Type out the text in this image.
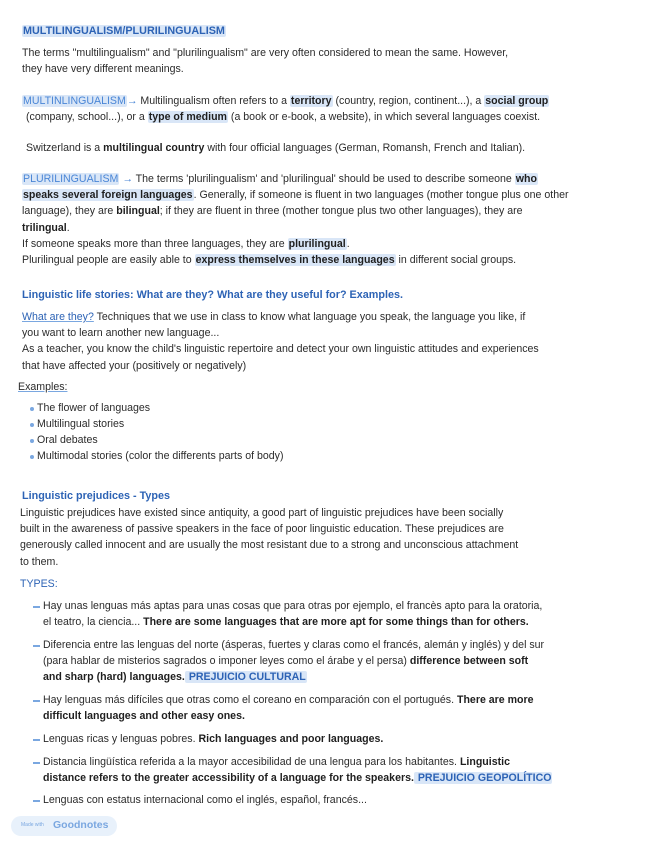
MULTILINGUALISM/PLURILINGUALISM
The terms "multilingualism" and "plurilingualism" are very often considered to mean the same. However,
they have very different meanings.
MULTINLINGUALISM→ Multilingualism often refers to a territory (country, region, continent...), a social group
(company, school...), or a type of medium (a book or e-book, a website), in which several languages coexist.
Switzerland is a multilingual country with four official languages (German, Romansh, French and Italian).
PLURILINGUALISM → The terms 'plurilingualism' and 'plurilingual' should be used to describe someone who
speaks several foreign languages. Generally, if someone is fluent in two languages (mother tongue plus one other
language), they are bilingual; if they are fluent in three (mother tongue plus two other languages), they are
trilingual.
If someone speaks more than three languages, they are plurilingual.
Plurilingual people are easily able to express themselves in these languages in different social groups.
Linguistic life stories: What are they? What are they useful for? Examples.
What are they? Techniques that we use in class to know what language you speak, the language you like, if
you want to learn another new language...
As a teacher, you know the child's linguistic repertoire and detect your own linguistic attitudes and experiences
that have affected your (positively or negatively)
Examples:
The flower of languages
Multilingual stories
Oral debates
Multimodal stories (color the differents parts of body)
Linguistic prejudices - Types
Linguistic prejudices have existed since antiquity, a good part of linguistic prejudices have been socially
built in the awareness of passive speakers in the face of poor linguistic education. These prejudices are
generously called innocent and are usually the most resistant due to a strong and unconscious attachment
to them.
TYPES:
Hay unas lenguas más aptas para unas cosas que para otras por ejemplo, el francès apto para la oratoria,
el teatro, la ciencia... There are some languages that are more apt for some things than for others.
Diferencia entre las lenguas del norte (ásperas, fuertes y claras como el francés, alemán y inglés) y del sur
(para hablar de misterios sagrados o imponer leyes como el árabe y el persa) difference between soft
and sharp (hard) languages. PREJUICIO CULTURAL
Hay lenguas más difíciles que otras como el coreano en comparación con el portugués. There are more
difficult languages and other easy ones.
Lenguas ricas y lenguas pobres. Rich languages and poor languages.
Distancia lingüística referida a la mayor accesibilidad de una lengua para los habitantes. Linguistic
distance refers to the greater accessibility of a language for the speakers. PREJUICIO GEOPOLÍTICO
Lenguas con estatus internacional como el inglés, español, francés...
Made with Goodnotes
